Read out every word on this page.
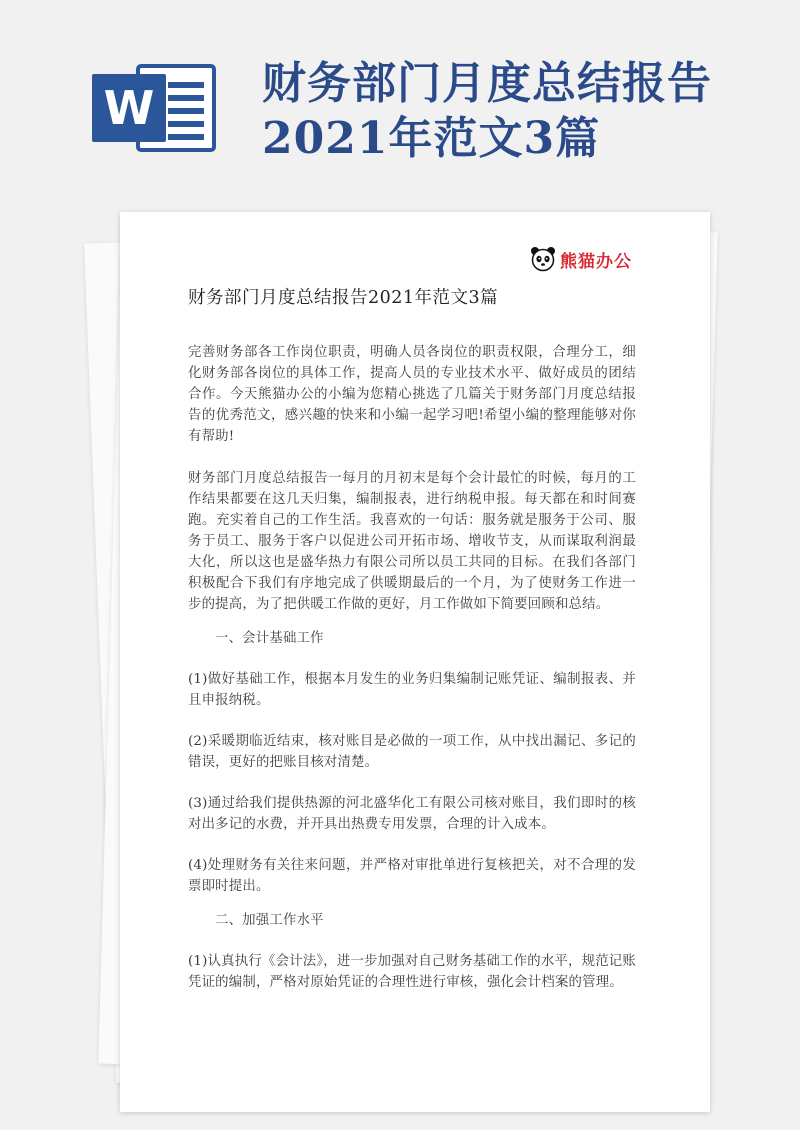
W 财务部门月度总结报告2021年范文3篇
熊猫办公
财务部门月度总结报告2021年范文3篇

完善财务部各工作岗位职责，明确人员各岗位的职责权限，合理分工，细化财务部各岗位的具体工作，提高人员的专业技术水平、做好成员的团结合作。今天熊猫办公的小编为您精心挑选了几篇关于财务部门月度总结报告的优秀范文，感兴趣的快来和小编一起学习吧!希望小编的整理能够对你有帮助!

财务部门月度总结报告一每月的月初末是每个会计最忙的时候，每月的工作结果都要在这几天归集，编制报表，进行纳税申报。每天都在和时间赛跑。充实着自己的工作生活。我喜欢的一句话：服务就是服务于公司、服务于员工、服务于客户以促进公司开拓市场、增收节支，从而谋取利润最大化，所以这也是盛华热力有限公司所以员工共同的目标。在我们各部门积极配合下我们有序地完成了供暖期最后的一个月，为了使财务工作进一步的提高，为了把供暖工作做的更好，月工作做如下简要回顾和总结。

一、会计基础工作

(1)做好基础工作，根据本月发生的业务归集编制记账凭证、编制报表、并且申报纳税。

(2)采暖期临近结束，核对账目是必做的一项工作，从中找出漏记、多记的错误，更好的把账目核对清楚。

(3)通过给我们提供热源的河北盛华化工有限公司核对账目，我们即时的核对出多记的水费，并开具出热费专用发票，合理的计入成本。

(4)处理财务有关往来问题，并严格对审批单进行复核把关，对不合理的发票即时提出。

二、加强工作水平

(1)认真执行《会计法》，进一步加强对自己财务基础工作的水平，规范记账凭证的编制，严格对原始凭证的合理性进行审核，强化会计档案的管理。
